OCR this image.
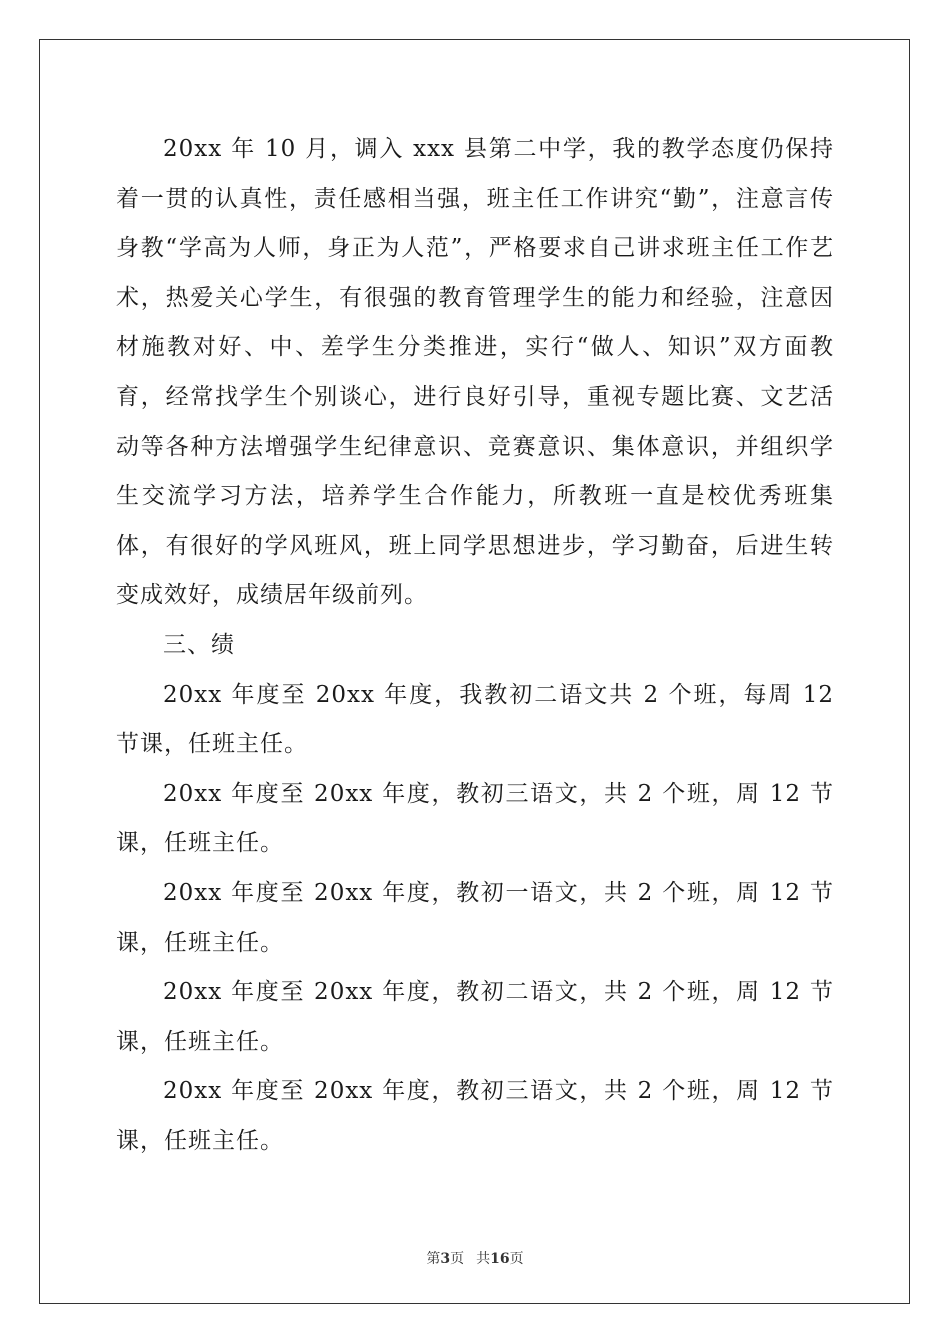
20xx 年 10 月，调入 xxx 县第二中学，我的教学态度仍保持着一贯的认真性，责任感相当强，班主任工作讲究“勤”，注意言传身教“学高为人师，身正为人范”，严格要求自己讲求班主任工作艺术，热爱关心学生，有很强的教育管理学生的能力和经验，注意因材施教对好、中、差学生分类推进，实行“做人、知识”双方面教育，经常找学生个别谈心，进行良好引导，重视专题比赛、文艺活动等各种方法增强学生纪律意识、竞赛意识、集体意识，并组织学生交流学习方法，培养学生合作能力，所教班一直是校优秀班集体，有很好的学风班风，班上同学思想进步，学习勤奋，后进生转变成效好，成绩居年级前列。

三、绩

20xx 年度至 20xx 年度，我教初二语文共 2 个班，每周 12 节课，任班主任。

20xx 年度至 20xx 年度，教初三语文，共 2 个班，周 12 节课，任班主任。

20xx 年度至 20xx 年度，教初一语文，共 2 个班，周 12 节课，任班主任。

20xx 年度至 20xx 年度，教初二语文，共 2 个班，周 12 节课，任班主任。

20xx 年度至 20xx 年度，教初三语文，共 2 个班，周 12 节课，任班主任。

第3页 共16页
